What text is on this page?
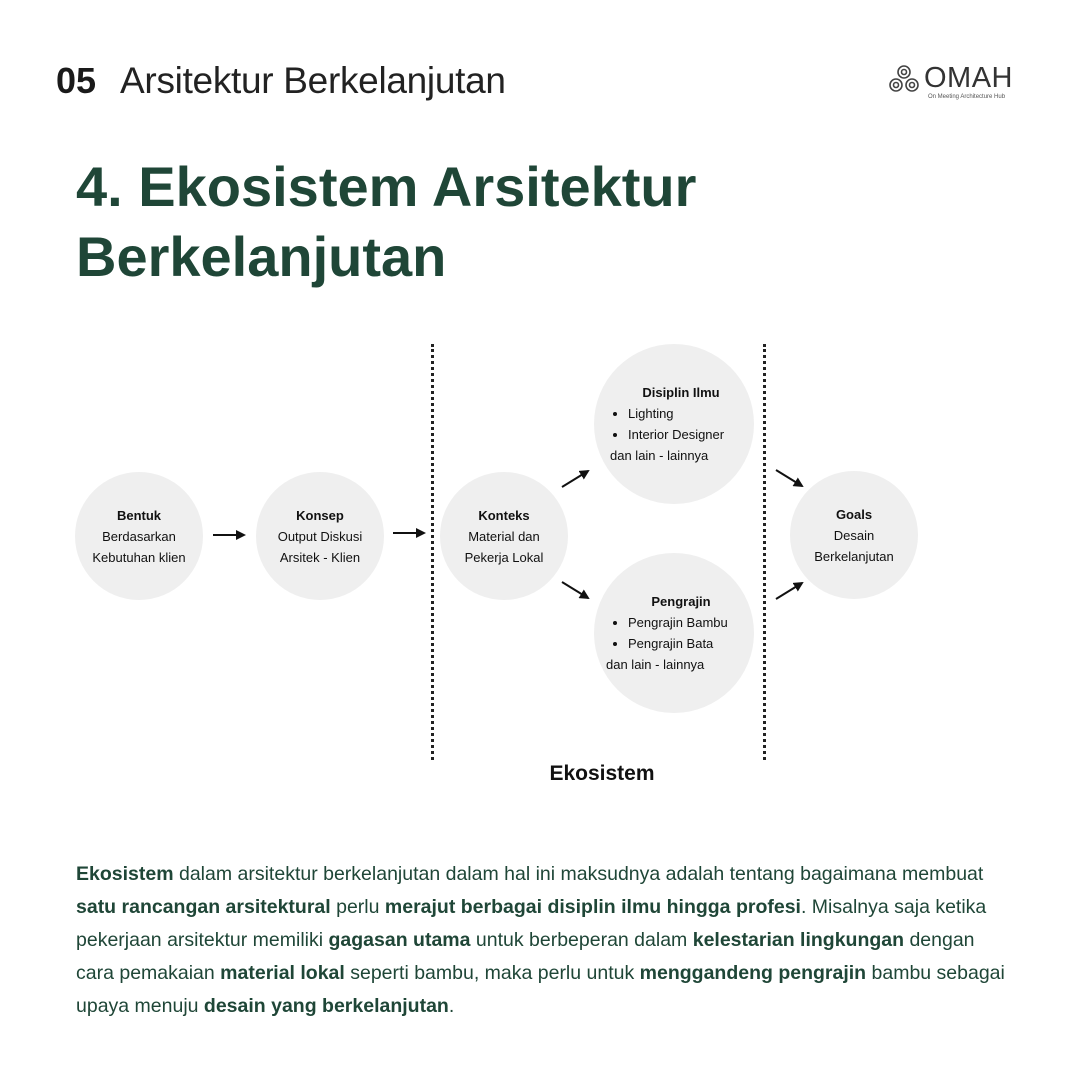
05 Arsitektur Berkelanjutan	OMAH
On Meeting Architecture Hub
4. Ekosistem Arsitektur Berkelanjutan
Bentuk
Berdasarkan
Kebutuhan klien
Konsep
Output Diskusi
Arsitek - Klien
Konteks
Material dan
Pekerja Lokal
Disiplin Ilmu
• Lighting
• Interior Designer
dan lain - lainnya
Pengrajin
• Pengrajin Bambu
• Pengrajin Bata
dan lain - lainnya
Goals
Desain
Berkelanjutan
Ekosistem
Ekosistem dalam arsitektur berkelanjutan dalam hal ini maksudnya adalah tentang bagaimana membuat satu rancangan arsitektural perlu merajut berbagai disiplin ilmu hingga profesi. Misalnya saja ketika pekerjaan arsitektur memiliki gagasan utama untuk berbeperan dalam kelestarian lingkungan dengan cara pemakaian material lokal seperti bambu, maka perlu untuk menggandeng pengrajin bambu sebagai upaya menuju desain yang berkelanjutan.
